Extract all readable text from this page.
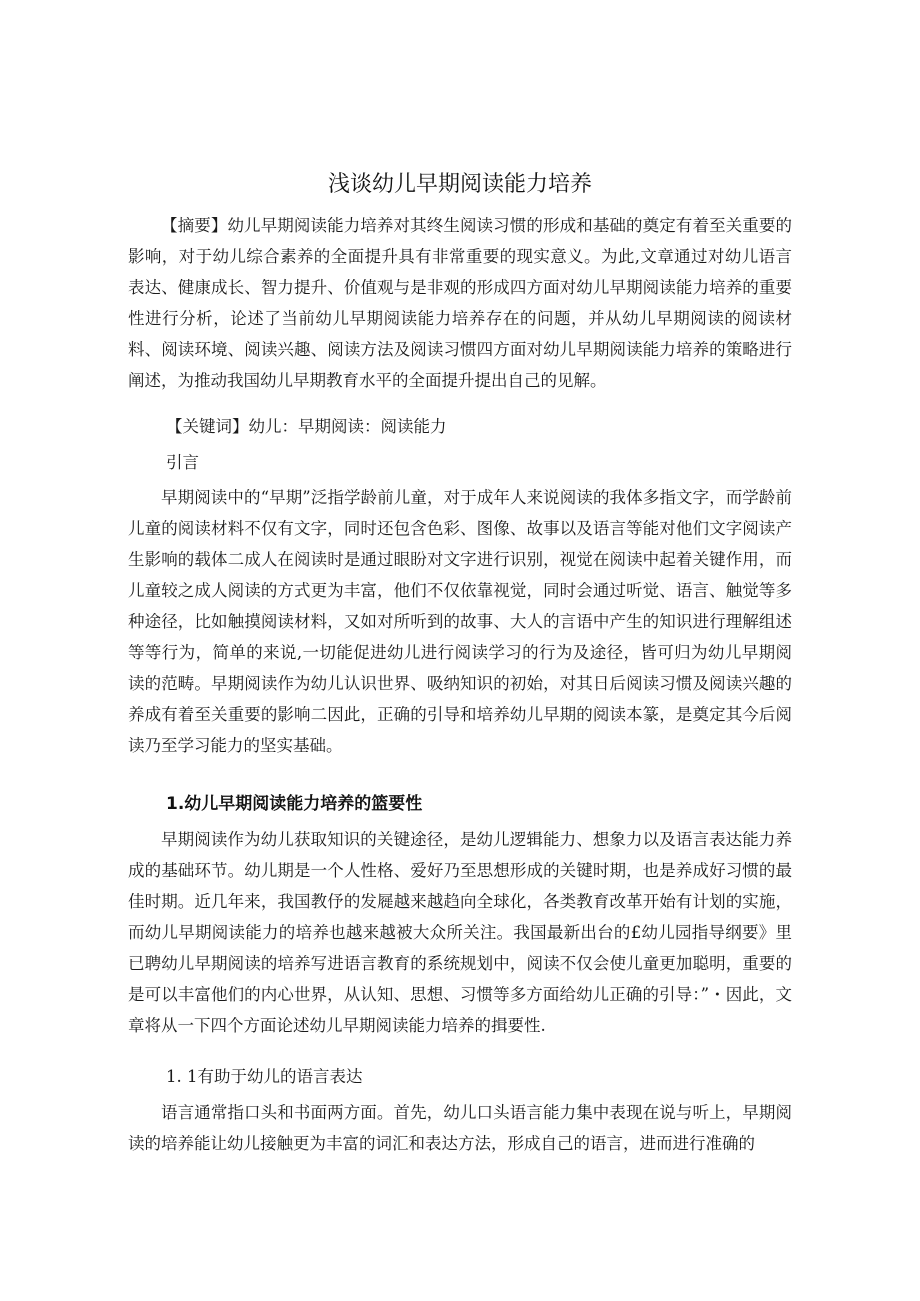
浅谈幼儿早期阅读能力培养
【摘要】幼儿早期阅读能力培养对其终生阅读习惯的形成和基础的奠定有着至关重要的影响，对于幼儿综合素养的全面提升具有非常重要的现实意义。为此,文章通过对幼儿语言表达、健康成长、智力提升、价值观与是非观的形成四方面对幼儿早期阅读能力培养的重要性进行分析，论述了当前幼儿早期阅读能力培养存在的问题，并从幼儿早期阅读的阅读材料、阅读环境、阅读兴趣、阅读方法及阅读习惯四方面对幼儿早期阅读能力培养的策略进行阐述，为推动我国幼儿早期教育水平的全面提升提出自己的见解。
【关键词】幼儿：早期阅读：阅读能力
引言
早期阅读中的“早期”泛指学龄前儿童，对于成年人来说阅读的我体多指文字，而学龄前儿童的阅读材料不仅有文字，同时还包含色彩、图像、故事以及语言等能对他们文字阅读产生影响的载体二成人在阅读时是通过眼盼对文字进行识别，视觉在阅读中起着关键作用，而儿童较之成人阅读的方式更为丰富，他们不仅依靠视觉，同时会通过听觉、语言、触觉等多种途径，比如触摸阅读材料，又如对所听到的故事、大人的言语中产生的知识进行理解组述等等行为，简单的来说,一切能促进幼儿进行阅读学习的行为及途径，皆可归为幼儿早期阅读的范畴。早期阅读作为幼儿认识世界、吸纳知识的初始，对其日后阅读习惯及阅读兴趣的养成有着至关重要的影响二因此，正确的引导和培养幼儿早期的阅读本篆，是奠定其今后阅读乃至学习能力的坚实基础。
1.幼儿早期阅读能力培养的篮要性
早期阅读作为幼儿获取知识的关键途径，是幼儿逻辑能力、想象力以及语言表达能力养成的基础环节。幼儿期是一个人性格、爱好乃至思想形成的关键时期，也是养成好习惯的最佳时期。近几年来，我国教伃的发屣越来越趋向全球化，各类教育改革开始有计划的实施，而幼儿早期阅读能力的培养也越来越被大众所关注。我国最新出台的£幼儿园指导纲要》里已聘幼儿早期阅读的培养写进语言教育的系统规划中，阅读不仅会使儿童更加聪明，重要的是可以丰富他们的内心世界，从认知、思想、习惯等多方面给幼儿正确的引导：”・因此，文章将从一下四个方面论述幼儿早期阅读能力培养的揖要性.
1. 1有助于幼儿的语言表达
语言通常指口头和书面两方面。首先，幼儿口头语言能力集中表现在说与听上，早期阅读的培养能让幼儿接触更为丰富的词汇和表达方法，形成自己的语言，进而进行准确的
